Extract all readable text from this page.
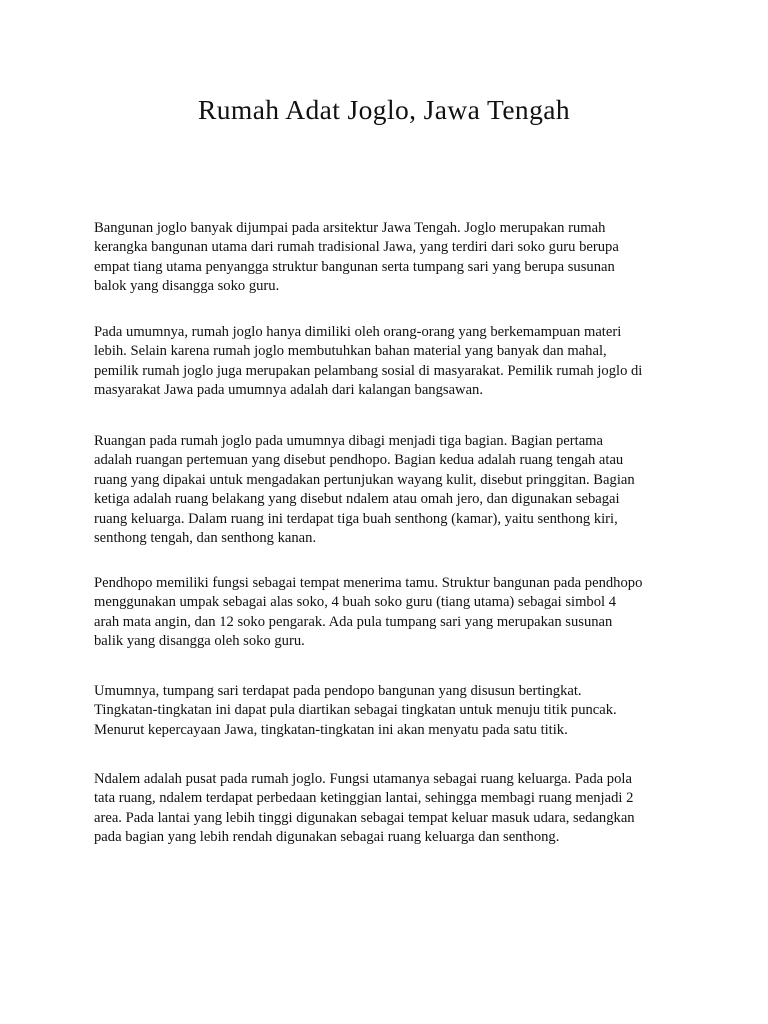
Rumah Adat Joglo, Jawa Tengah

Bangunan joglo banyak dijumpai pada arsitektur Jawa Tengah. Joglo merupakan rumah
kerangka bangunan utama dari rumah tradisional Jawa, yang terdiri dari soko guru berupa
empat tiang utama penyangga struktur bangunan serta tumpang sari yang berupa susunan
balok yang disangga soko guru.

Pada umumnya, rumah joglo hanya dimiliki oleh orang-orang yang berkemampuan materi
lebih. Selain karena rumah joglo membutuhkan bahan material yang banyak dan mahal,
pemilik rumah joglo juga merupakan pelambang sosial di masyarakat. Pemilik rumah joglo di
masyarakat Jawa pada umumnya adalah dari kalangan bangsawan.

Ruangan pada rumah joglo pada umumnya dibagi menjadi tiga bagian. Bagian pertama
adalah ruangan pertemuan yang disebut pendhopo. Bagian kedua adalah ruang tengah atau
ruang yang dipakai untuk mengadakan pertunjukan wayang kulit, disebut pringgitan. Bagian
ketiga adalah ruang belakang yang disebut ndalem atau omah jero, dan digunakan sebagai
ruang keluarga. Dalam ruang ini terdapat tiga buah senthong (kamar), yaitu senthong kiri,
senthong tengah, dan senthong kanan.

Pendhopo memiliki fungsi sebagai tempat menerima tamu. Struktur bangunan pada pendhopo
menggunakan umpak sebagai alas soko, 4 buah soko guru (tiang utama) sebagai simbol 4
arah mata angin, dan 12 soko pengarak. Ada pula tumpang sari yang merupakan susunan
balik yang disangga oleh soko guru.

Umumnya, tumpang sari terdapat pada pendopo bangunan yang disusun bertingkat.
Tingkatan-tingkatan ini dapat pula diartikan sebagai tingkatan untuk menuju titik puncak.
Menurut kepercayaan Jawa, tingkatan-tingkatan ini akan menyatu pada satu titik.

Ndalem adalah pusat pada rumah joglo. Fungsi utamanya sebagai ruang keluarga. Pada pola
tata ruang, ndalem terdapat perbedaan ketinggian lantai, sehingga membagi ruang menjadi 2
area. Pada lantai yang lebih tinggi digunakan sebagai tempat keluar masuk udara, sedangkan
pada bagian yang lebih rendah digunakan sebagai ruang keluarga dan senthong.
